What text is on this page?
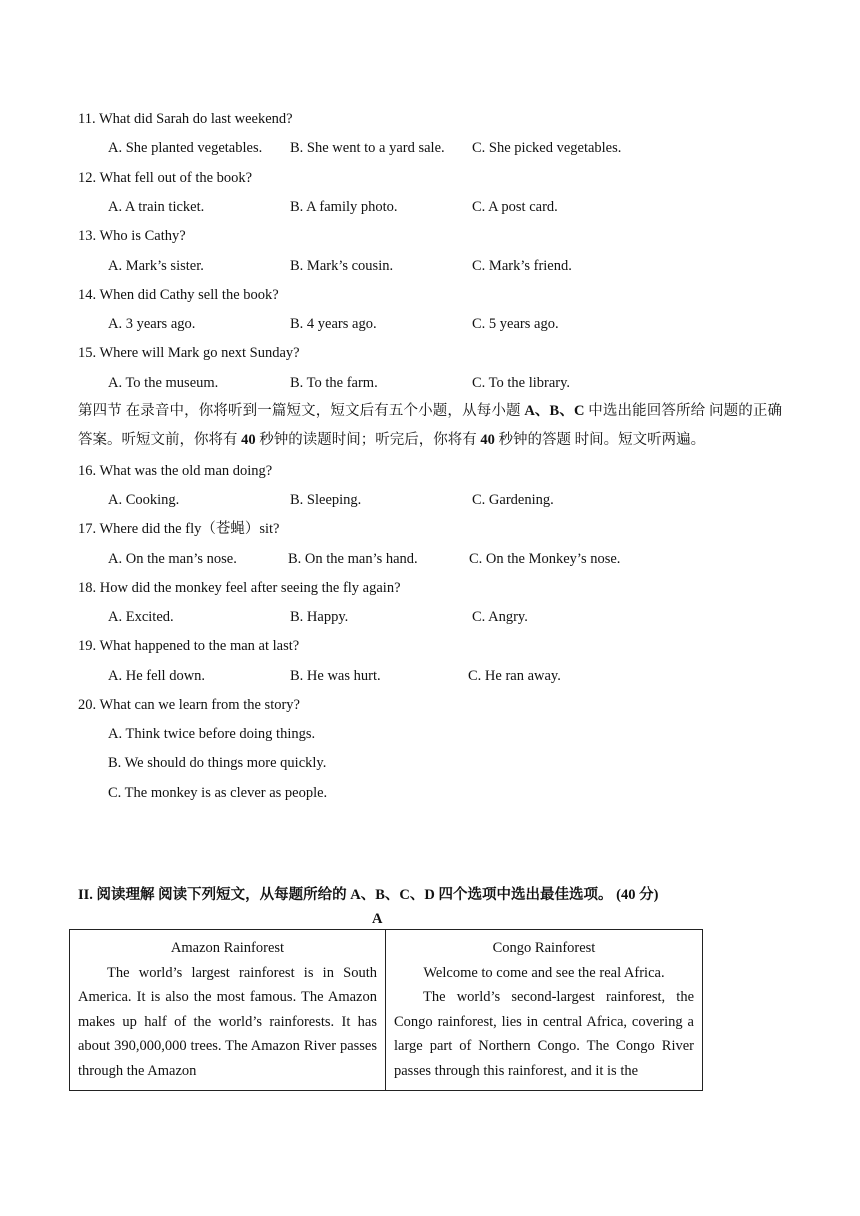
11. What did Sarah do last weekend?
A. She planted vegetables. B. She went to a yard sale. C. She picked vegetables.
12. What fell out of the book?
A. A train ticket.	B. A family photo.	C. A post card.
13. Who is Cathy?
A. Mark’s sister.	B. Mark’s cousin.	C. Mark’s friend.
14. When did Cathy sell the book?
A. 3 years ago.	B. 4 years ago.	C. 5 years ago.
15. Where will Mark go next Sunday?
A. To the museum.	B. To the farm.	C. To the library.
第四节 在录音中，你将听到一篇短文，短文后有五个小题，从每小题 A、B、C 中选出能回答所给 问题的正确答案。听短文前，你将有 40 秒钟的读题时间；听完后，你将有 40 秒钟的答题 时间。短文听两遍。
16. What was the old man doing?
A. Cooking.	B. Sleeping.	C. Gardening.
17. Where did the fly（苍蝇）sit?
A. On the man’s nose.	B. On the man’s hand.	C. On the Monkey’s nose.
18. How did the monkey feel after seeing the fly again?
A. Excited.	B. Happy.	C. Angry.
19. What happened to the man at last?
A. He fell down.	B. He was hurt.	C. He ran away.
20. What can we learn from the story?
A. Think twice before doing things.
B. We should do things more quickly.
C. The monkey is as clever as people.
II. 阅读理解 阅读下列短文，从每题所给的 A、B、C、D 四个选项中选出最佳选项。 (40 分)
A
Amazon Rainforest
The world’s largest rainforest is in South America. It is also the most famous. The Amazon makes up half of the world’s rainforests. It has about 390,000,000 trees. The Amazon River passes through the Amazon

Congo Rainforest
Welcome to come and see the real Africa.
The world’s second-largest rainforest, the Congo rainforest, lies in central Africa, covering a large part of Northern Congo. The Congo River passes through this rainforest, and it is the
